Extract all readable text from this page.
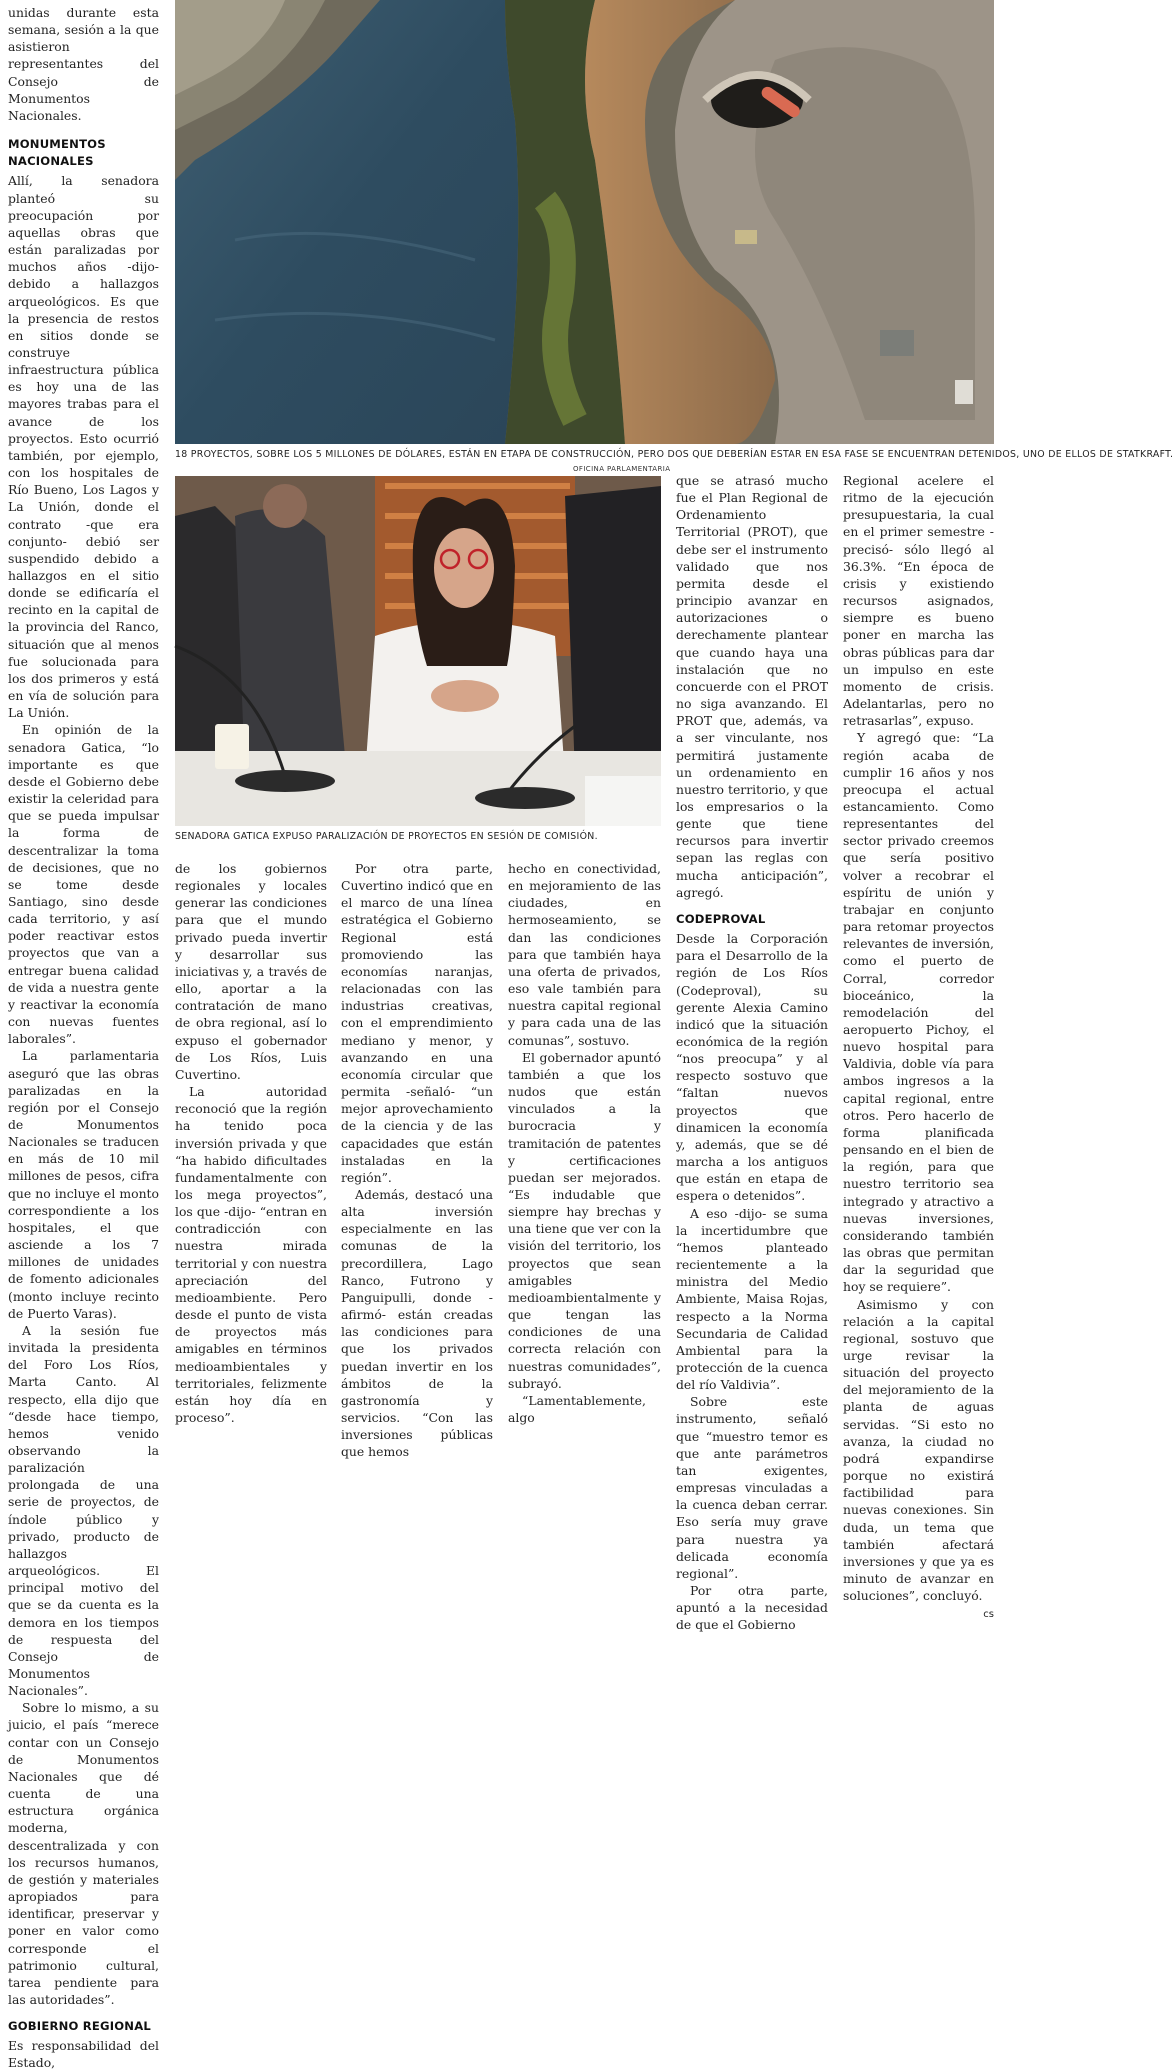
unidas durante esta semana, sesión a la que asistieron representantes del Consejo de Monumentos Nacionales.

MONUMENTOS NACIONALES

Allí, la senadora planteó su preocupación por aquellas obras que están paralizadas por muchos años -dijo- debido a hallazgos arqueológicos. Es que la presencia de restos en sitios donde se construye infraestructura pública es hoy una de las mayores trabas para el avance de los proyectos. Esto ocurrió también, por ejemplo, con los hospitales de Río Bueno, Los Lagos y La Unión, donde el contrato -que era conjunto- debió ser suspendido debido a hallazgos en el sitio donde se edificaría el recinto en la capital de la provincia del Ranco, situación que al menos fue solucionada para los dos primeros y está en vía de solución para La Unión.

En opinión de la senadora Gatica, “lo importante es que desde el Gobierno debe existir la celeridad para que se pueda impulsar la forma de descentralizar la toma de decisiones, que no se tome desde Santiago, sino desde cada territorio, y así poder reactivar estos proyectos que van a entregar buena calidad de vida a nuestra gente y reactivar la economía con nuevas fuentes laborales”.

La parlamentaria aseguró que las obras paralizadas en la región por el Consejo de Monumentos Nacionales se traducen en más de 10 mil millones de pesos, cifra que no incluye el monto correspondiente a los hospitales, el que asciende a los 7 millones de unidades de fomento adicionales (monto incluye recinto de Puerto Varas).

A la sesión fue invitada la presidenta del Foro Los Ríos, Marta Canto. Al respecto, ella dijo que “desde hace tiempo, hemos venido observando la paralización prolongada de una serie de proyectos, de índole público y privado, producto de hallazgos arqueológicos. El principal motivo del que se da cuenta es la demora en los tiempos de respuesta del Consejo de Monumentos Nacionales”.

Sobre lo mismo, a su juicio, el país “merece contar con un Consejo de Monumentos Nacionales que dé cuenta de una estructura orgánica moderna, descentralizada y con los recursos humanos, de gestión y materiales apropiados para identificar, preservar y poner en valor como corresponde el patrimonio cultural, tarea pendiente para las autoridades”.

GOBIERNO REGIONAL

Es responsabilidad del Estado,

18 PROYECTOS, SOBRE LOS 5 MILLONES DE DÓLARES, ESTÁN EN ETAPA DE CONSTRUCCIÓN, PERO DOS QUE DEBERÍAN ESTAR EN ESA FASE SE ENCUENTRAN DETENIDOS, UNO DE ELLOS DE STATKRAFT.
OFICINA PARLAMENTARIA
SENADORA GATICA EXPUSO PARALIZACIÓN DE PROYECTOS EN SESIÓN DE COMISIÓN.

de los gobiernos regionales y locales generar las condiciones para que el mundo privado pueda invertir y desarrollar sus iniciativas y, a través de ello, aportar a la contratación de mano de obra regional, así lo expuso el gobernador de Los Ríos, Luis Cuvertino.

La autoridad reconoció que la región ha tenido poca inversión privada y que “ha habido dificultades fundamentalmente con los mega proyectos”, los que -dijo- “entran en contradicción con nuestra mirada territorial y con nuestra apreciación del medioambiente. Pero desde el punto de vista de proyectos más amigables en términos medioambientales y territoriales, felizmente están hoy día en proceso”.

Por otra parte, Cuvertino indicó que en el marco de una línea estratégica el Gobierno Regional está promoviendo las economías naranjas, relacionadas con las industrias creativas, con el emprendimiento mediano y menor, y avanzando en una economía circular que permita -señaló- “un mejor aprovechamiento de la ciencia y de las capacidades que están instaladas en la región”.

Además, destacó una alta inversión especialmente en las comunas de la precordillera, Lago Ranco, Futrono y Panguipulli, donde -afirmó- están creadas las condiciones para que los privados puedan invertir en los ámbitos de la gastronomía y servicios. “Con las inversiones públicas que hemos

hecho en conectividad, en mejoramiento de las ciudades, en hermoseamiento, se dan las condiciones para que también haya una oferta de privados, eso vale también para nuestra capital regional y para cada una de las comunas”, sostuvo.

El gobernador apuntó también a que los nudos que están vinculados a la burocracia y tramitación de patentes y certificaciones puedan ser mejorados. “Es indudable que siempre hay brechas y una tiene que ver con la visión del territorio, los proyectos que sean amigables medioambientalmente y que tengan las condiciones de una correcta relación con nuestras comunidades”, subrayó.

“Lamentablemente, algo

que se atrasó mucho fue el Plan Regional de Ordenamiento Territorial (PROT), que debe ser el instrumento validado que nos permita desde el principio avanzar en autorizaciones o derechamente plantear que cuando haya una instalación que no concuerde con el PROT no siga avanzando. El PROT que, además, va a ser vinculante, nos permitirá justamente un ordenamiento en nuestro territorio, y que los empresarios o la gente que tiene recursos para invertir sepan las reglas con mucha anticipación”, agregó.

CODEPROVAL

Desde la Corporación para el Desarrollo de la región de Los Ríos (Codeproval), su gerente Alexia Camino indicó que la situación económica de la región “nos preocupa” y al respecto sostuvo que “faltan nuevos proyectos que dinamicen la economía y, además, que se dé marcha a los antiguos que están en etapa de espera o detenidos”.

A eso -dijo- se suma la incertidumbre que “hemos planteado recientemente a la ministra del Medio Ambiente, Maisa Rojas, respecto a la Norma Secundaria de Calidad Ambiental para la protección de la cuenca del río Valdivia”.

Sobre este instrumento, señaló que “muestro temor es que ante parámetros tan exigentes, empresas vinculadas a la cuenca deban cerrar. Eso sería muy grave para nuestra ya delicada economía regional”.

Por otra parte, apuntó a la necesidad de que el Gobierno

Regional acelere el ritmo de la ejecución presupuestaria, la cual en el primer semestre -precisó- sólo llegó al 36.3%. “En época de crisis y existiendo recursos asignados, siempre es bueno poner en marcha las obras públicas para dar un impulso en este momento de crisis. Adelantarlas, pero no retrasarlas”, expuso.

Y agregó que: “La región acaba de cumplir 16 años y nos preocupa el actual estancamiento. Como representantes del sector privado creemos que sería positivo volver a recobrar el espíritu de unión y trabajar en conjunto para retomar proyectos relevantes de inversión, como el puerto de Corral, corredor bioceánico, la remodelación del aeropuerto Pichoy, el nuevo hospital para Valdivia, doble vía para ambos ingresos a la capital regional, entre otros. Pero hacerlo de forma planificada pensando en el bien de la región, para que nuestro territorio sea integrado y atractivo a nuevas inversiones, considerando también las obras que permitan dar la seguridad que hoy se requiere”.

Asimismo y con relación a la capital regional, sostuvo que urge revisar la situación del proyecto del mejoramiento de la planta de aguas servidas. “Si esto no avanza, la ciudad no podrá expandirse porque no existirá factibilidad para nuevas conexiones. Sin duda, un tema que también afectará inversiones y que ya es minuto de avanzar en soluciones”, concluyó.

cs
